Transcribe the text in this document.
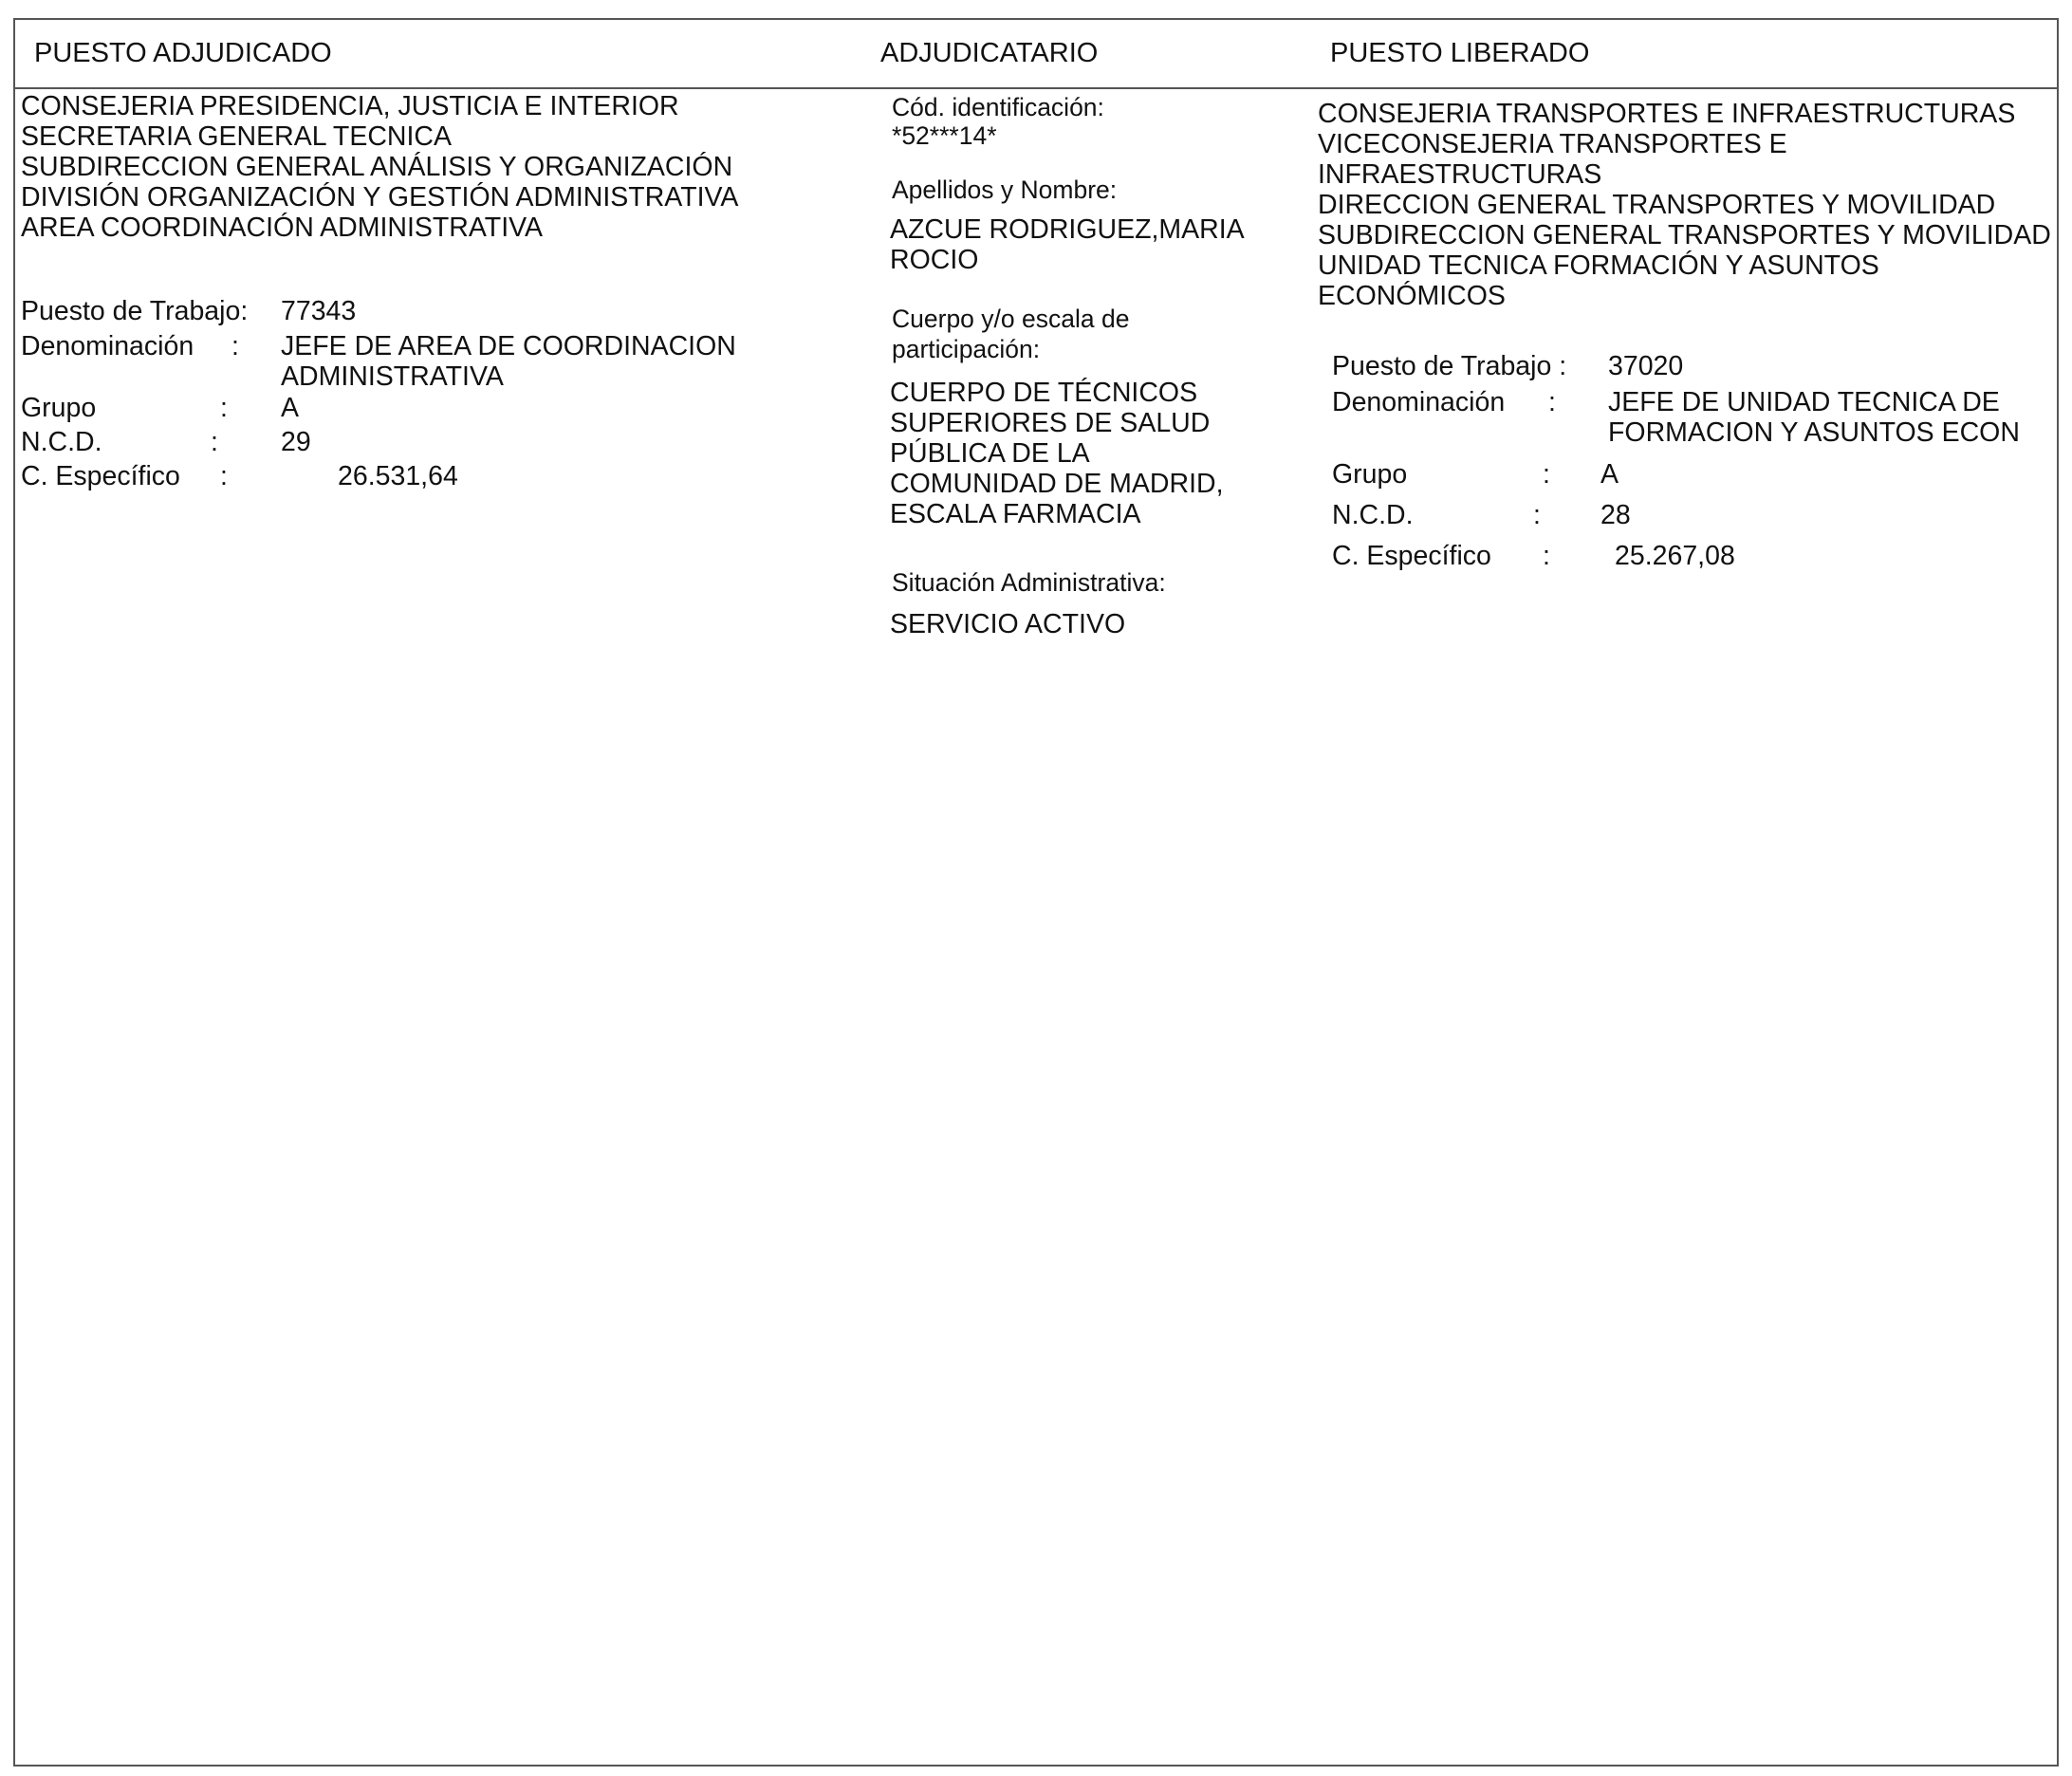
PUESTO ADJUDICADO	ADJUDICATARIO	PUESTO LIBERADO
CONSEJERIA PRESIDENCIA, JUSTICIA E INTERIOR
SECRETARIA GENERAL TECNICA
SUBDIRECCION GENERAL ANÁLISIS Y ORGANIZACIÓN
DIVISIÓN ORGANIZACIÓN Y GESTIÓN ADMINISTRATIVA
AREA COORDINACIÓN ADMINISTRATIVA
Puesto de Trabajo: 77343
Denominación : JEFE DE AREA DE COORDINACION
ADMINISTRATIVA
Grupo	: A
N.C.D.	: 29
C. Específico :	26.531,64
Cód. identificación:
*52***14*
Apellidos y Nombre:
AZCUE RODRIGUEZ,MARIA
ROCIO
Cuerpo y/o escala de
participación:
CUERPO DE TÉCNICOS
SUPERIORES DE SALUD
PÚBLICA DE LA
COMUNIDAD DE MADRID,
ESCALA FARMACIA
Situación Administrativa:
SERVICIO ACTIVO
CONSEJERIA TRANSPORTES E INFRAESTRUCTURAS
VICECONSEJERIA TRANSPORTES E
INFRAESTRUCTURAS
DIRECCION GENERAL TRANSPORTES Y MOVILIDAD
SUBDIRECCION GENERAL TRANSPORTES Y MOVILIDAD
UNIDAD TECNICA FORMACIÓN Y ASUNTOS
ECONÓMICOS
Puesto de Trabajo : 37020
Denominación : JEFE DE UNIDAD TECNICA DE
FORMACION Y ASUNTOS ECON
Grupo	: A
N.C.D.	: 28
C. Específico : 25.267,08
